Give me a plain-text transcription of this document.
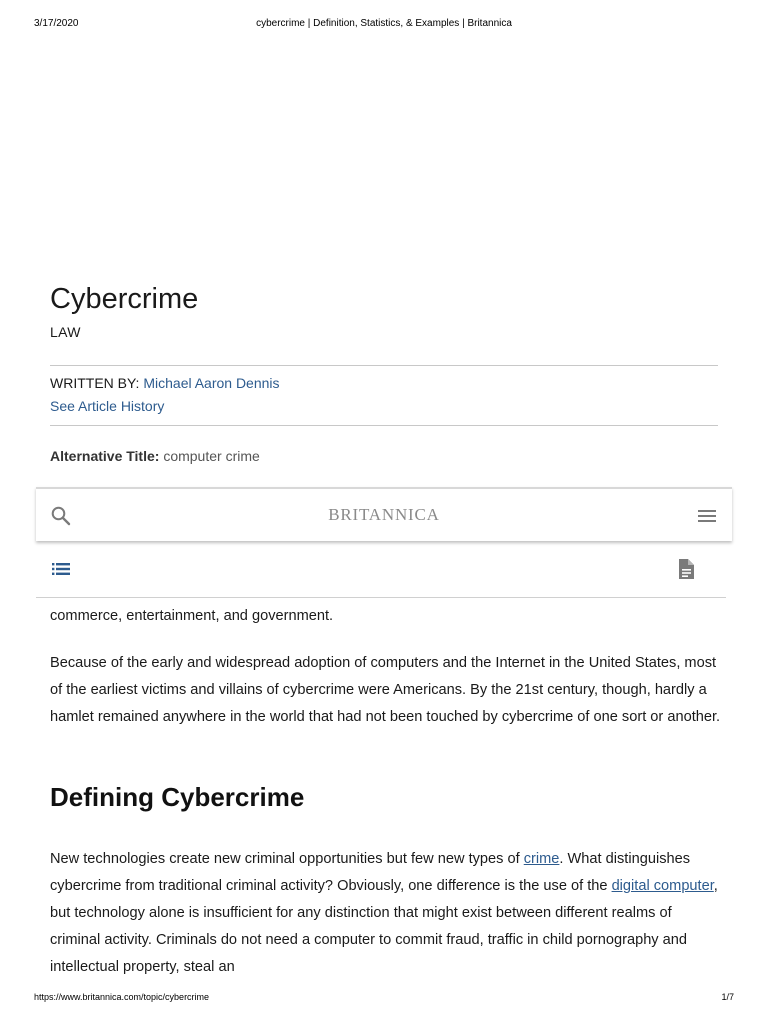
3/17/2020	cybercrime | Definition, Statistics, & Examples | Britannica
Cybercrime
LAW
WRITTEN BY: Michael Aaron Dennis
See Article History
Alternative Title: computer crime
BRITANNICA

commerce, entertainment, and government.

Because of the early and widespread adoption of computers and the Internet in the United States, most of the earliest victims and villains of cybercrime were Americans. By the 21st century, though, hardly a hamlet remained anywhere in the world that had not been touched by cybercrime of one sort or another.

Defining Cybercrime

New technologies create new criminal opportunities but few new types of crime. What distinguishes cybercrime from traditional criminal activity? Obviously, one difference is the use of the digital computer, but technology alone is insufficient for any distinction that might exist between different realms of criminal activity. Criminals do not need a computer to commit fraud, traffic in child pornography and intellectual property, steal an

https://www.britannica.com/topic/cybercrime	1/7
